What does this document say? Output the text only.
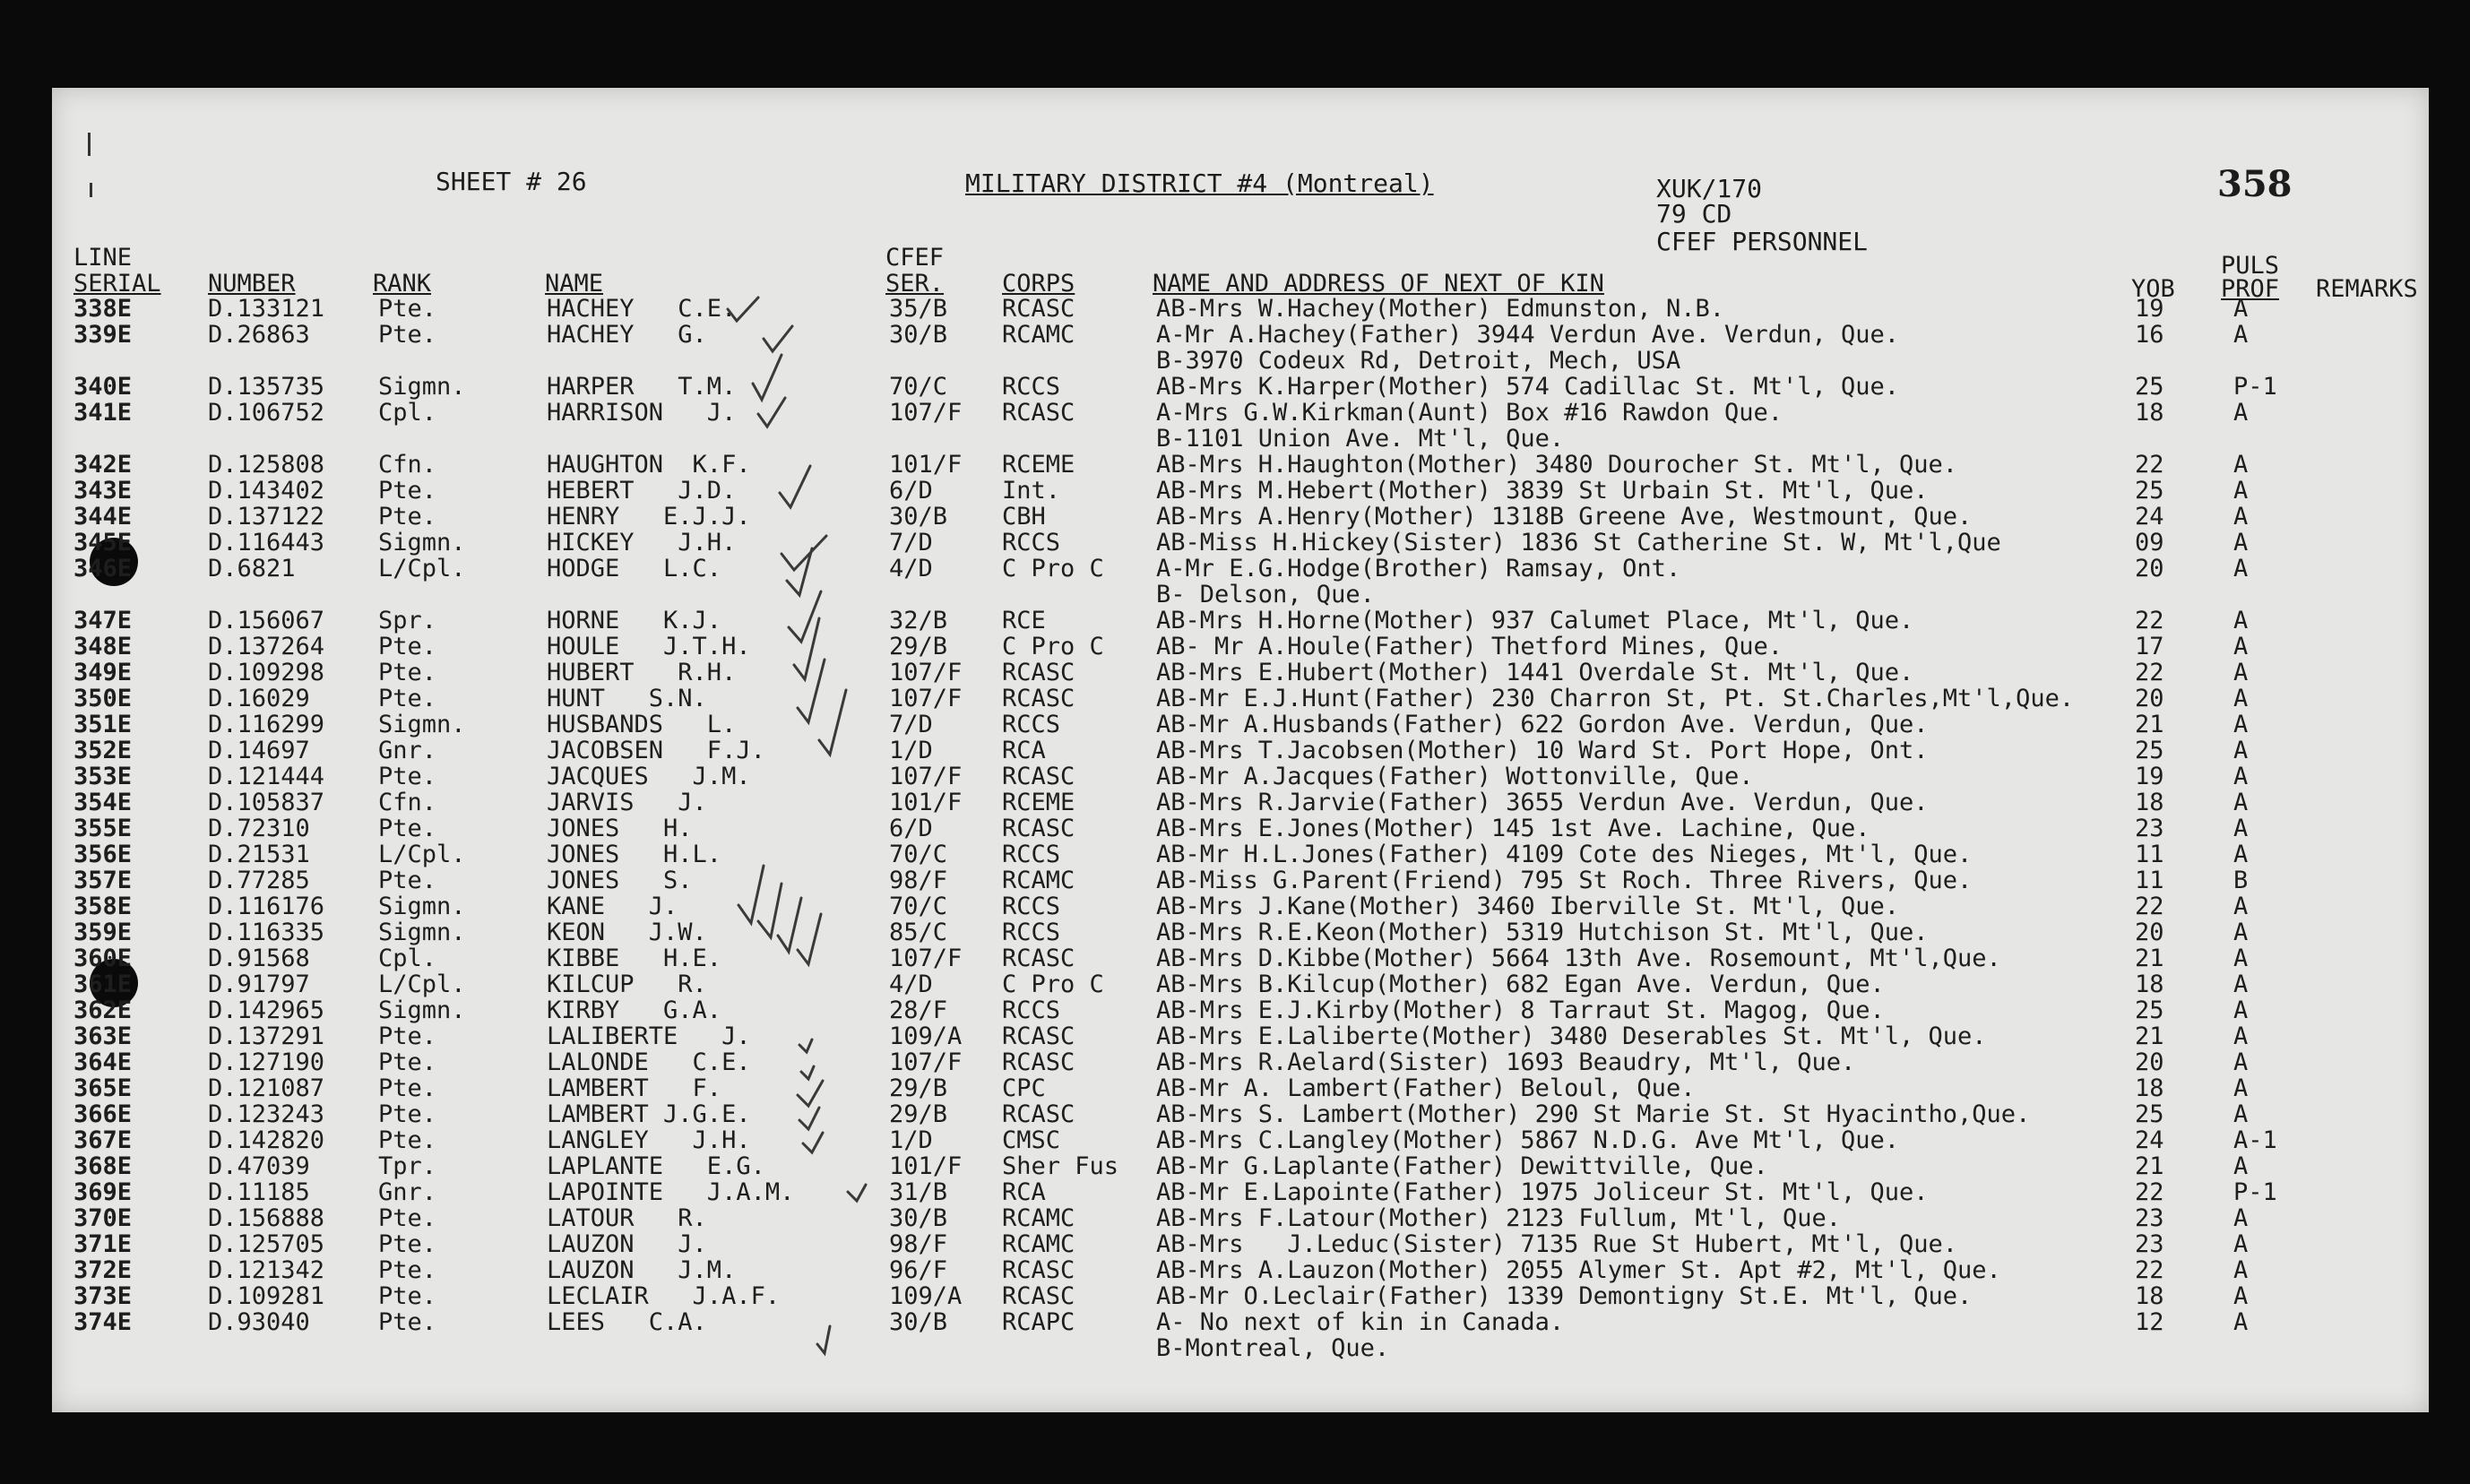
SHEET # 26	MILITARY DISTRICT #4 (Montreal)	XUK/170
79 CD
CFEF PERSONNEL
358
LINE
SERIAL NUMBER	RANK	NAME
CFEF
SER. CORPS	NAME AND ADDRESS OF NEXT OF KIN	YOB
PULS
PROF REMARKS
338E	D.133121 Pte.	HACHEY   C.E.	35/B RCASC	AB-Mrs W.Hachey(Mother) Edmunston, N.B.	19	A
339E	D.26863	Pte.	HACHEY   G.	30/B RCAMC	A-Mr A.Hachey(Father) 3944 Verdun Ave. Verdun, Que.	16	A
B-3970 Codeux Rd, Detroit, Mech, USA
340E	D.135735 Sigmn.	HARPER   T.M.	70/C RCCS	AB-Mrs K.Harper(Mother) 574 Cadillac St. Mt'l, Que.	25	P-1
341E	D.106752 Cpl.	HARRISON   J.	107/F RCASC	A-Mrs G.W.Kirkman(Aunt) Box #16 Rawdon Que.	18	A
B-1101 Union Ave. Mt'l, Que.
342E	D.125808 Cfn.	HAUGHTON  K.F.	101/F RCEME	AB-Mrs H.Haughton(Mother) 3480 Dourocher St. Mt'l, Que.	22	A
343E	D.143402 Pte.	HEBERT   J.D.	6/D	Int.	AB-Mrs M.Hebert(Mother) 3839 St Urbain St. Mt'l, Que.	25	A
344E	D.137122 Pte.	HENRY   E.J.J.	30/B CBH	AB-Mrs A.Henry(Mother) 1318B Greene Ave, Westmount, Que.	24	A
345E	D.116443 Sigmn.	HICKEY   J.H.	7/D	RCCS	AB-Miss H.Hickey(Sister) 1836 St Catherine St. W, Mt'l,Que	09	A
346E	D.6821	L/Cpl.	HODGE   L.C.	4/D	C Pro C A-Mr E.G.Hodge(Brother) Ramsay, Ont.	20	A
B- Delson, Que.
347E	D.156067 Spr.	HORNE   K.J.	32/B RCE	AB-Mrs H.Horne(Mother) 937 Calumet Place, Mt'l, Que.	22	A
348E	D.137264 Pte.	HOULE   J.T.H.	29/B C Pro C AB- Mr A.Houle(Father) Thetford Mines, Que.	17	A
349E	D.109298 Pte.	HUBERT   R.H.	107/F RCASC	AB-Mrs E.Hubert(Mother) 1441 Overdale St. Mt'l, Que.	22	A
350E	D.16029	Pte.	HUNT   S.N.	107/F RCASC	AB-Mr E.J.Hunt(Father) 230 Charron St, Pt. St.Charles,Mt'l,Que.	20	A
351E	D.116299 Sigmn.	HUSBANDS   L.	7/D	RCCS	AB-Mr A.Husbands(Father) 622 Gordon Ave. Verdun, Que.	21	A
352E	D.14697	Gnr.	JACOBSEN   F.J.	1/D	RCA	AB-Mrs T.Jacobsen(Mother) 10 Ward St. Port Hope, Ont.	25	A
353E	D.121444 Pte.	JACQUES   J.M.	107/F RCASC	AB-Mr A.Jacques(Father) Wottonville, Que.	19	A
354E	D.105837 Cfn.	JARVIS   J.	101/F RCEME	AB-Mrs R.Jarvie(Father) 3655 Verdun Ave. Verdun, Que.	18	A
355E	D.72310	Pte.	JONES   H.	6/D	RCASC	AB-Mrs E.Jones(Mother) 145 1st Ave. Lachine, Que.	23	A
356E	D.21531	L/Cpl.	JONES   H.L.	70/C RCCS	AB-Mr H.L.Jones(Father) 4109 Cote des Nieges, Mt'l, Que.	11	A
357E	D.77285	Pte.	JONES   S.	98/F RCAMC	AB-Miss G.Parent(Friend) 795 St Roch. Three Rivers, Que.	11	B
358E	D.116176 Sigmn.	KANE   J.	70/C RCCS	AB-Mrs J.Kane(Mother) 3460 Iberville St. Mt'l, Que.	22	A
359E	D.116335 Sigmn.	KEON   J.W.	85/C RCCS	AB-Mrs R.E.Keon(Mother) 5319 Hutchison St. Mt'l, Que.	20	A
360E	D.91568	Cpl.	KIBBE   H.E.	107/F RCASC	AB-Mrs D.Kibbe(Mother) 5664 13th Ave. Rosemount, Mt'l,Que.	21	A
361E	D.91797	L/Cpl.	KILCUP   R.	4/D	C Pro C AB-Mrs B.Kilcup(Mother) 682 Egan Ave. Verdun, Que.	18	A
362E	D.142965 Sigmn.	KIRBY   G.A.	28/F RCCS	AB-Mrs E.J.Kirby(Mother) 8 Tarraut St. Magog, Que.	25	A
363E	D.137291 Pte.	LALIBERTE   J.	109/A RCASC	AB-Mrs E.Laliberte(Mother) 3480 Deserables St. Mt'l, Que.	21	A
364E	D.127190 Pte.	LALONDE   C.E.	107/F RCASC	AB-Mrs R.Aelard(Sister) 1693 Beaudry, Mt'l, Que.	20	A
365E	D.121087 Pte.	LAMBERT   F.	29/B CPC	AB-Mr A. Lambert(Father) Beloul, Que.	18	A
366E	D.123243 Pte.	LAMBERT J.G.E.	29/B RCASC	AB-Mrs S. Lambert(Mother) 290 St Marie St. St Hyacintho,Que.	25	A
367E	D.142820 Pte.	LANGLEY   J.H.	1/D	CMSC	AB-Mrs C.Langley(Mother) 5867 N.D.G. Ave Mt'l, Que.	24	A-1
368E	D.47039	Tpr.	LAPLANTE   E.G.	101/F Sher Fus AB-Mr G.Laplante(Father) Dewittville, Que.	21	A
369E	D.11185	Gnr.	LAPOINTE   J.A.M.	31/B RCA	AB-Mr E.Lapointe(Father) 1975 Joliceur St. Mt'l, Que.	22	P-1
370E	D.156888 Pte.	LATOUR   R.	30/B RCAMC	AB-Mrs F.Latour(Mother) 2123 Fullum, Mt'l, Que.	23	A
371E	D.125705 Pte.	LAUZON   J.	98/F RCAMC	AB-Mrs   J.Leduc(Sister) 7135 Rue St Hubert, Mt'l, Que.	23	A
372E	D.121342 Pte.	LAUZON   J.M.	96/F RCASC	AB-Mrs A.Lauzon(Mother) 2055 Alymer St. Apt #2, Mt'l, Que.	22	A
373E	D.109281 Pte.	LECLAIR   J.A.F.	109/A RCASC	AB-Mr O.Leclair(Father) 1339 Demontigny St.E. Mt'l, Que.	18	A
374E	D.93040	Pte.	LEES   C.A.	30/B RCAPC	A- No next of kin in Canada.	12	A
B-Montreal, Que.
